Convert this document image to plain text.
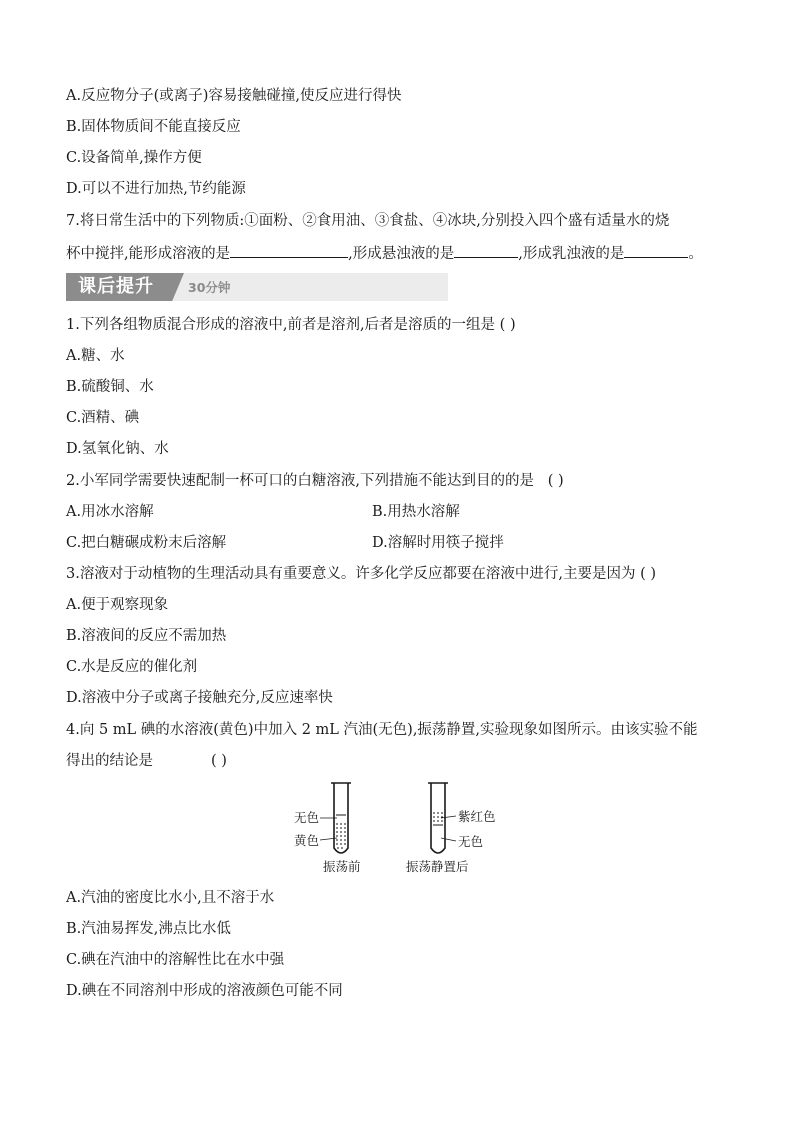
A.反应物分子(或离子)容易接触碰撞,使反应进行得快
B.固体物质间不能直接反应
C.设备简单,操作方便
D.可以不进行加热,节约能源
7.将日常生活中的下列物质:①面粉、②食用油、③食盐、④冰块,分别投入四个盛有适量水的烧
杯中搅拌,能形成溶液的是	,形成悬浊液的是	,形成乳浊液的是	。
课后提升	30分钟
1.下列各组物质混合形成的溶液中,前者是溶剂,后者是溶质的一组是 ( )
A.糖、水
B.硫酸铜、水
C.酒精、碘
D.氢氧化钠、水
2.小军同学需要快速配制一杯可口的白糖溶液,下列措施不能达到目的的是 ( )
A.用冰水溶解	B.用热水溶解
C.把白糖碾成粉末后溶解	D.溶解时用筷子搅拌
3.溶液对于动植物的生理活动具有重要意义。许多化学反应都要在溶液中进行,主要是因为 ( )
A.便于观察现象
B.溶液间的反应不需加热
C.水是反应的催化剂
D.溶液中分子或离子接触充分,反应速率快
4.向 5 mL 碘的水溶液(黄色)中加入 2 mL 汽油(无色),振荡静置,实验现象如图所示。由该实验不能
得出的结论是	( )
无色
黄色
振荡前
紫红色
无色
振荡静置后
A.汽油的密度比水小,且不溶于水
B.汽油易挥发,沸点比水低
C.碘在汽油中的溶解性比在水中强
D.碘在不同溶剂中形成的溶液颜色可能不同
